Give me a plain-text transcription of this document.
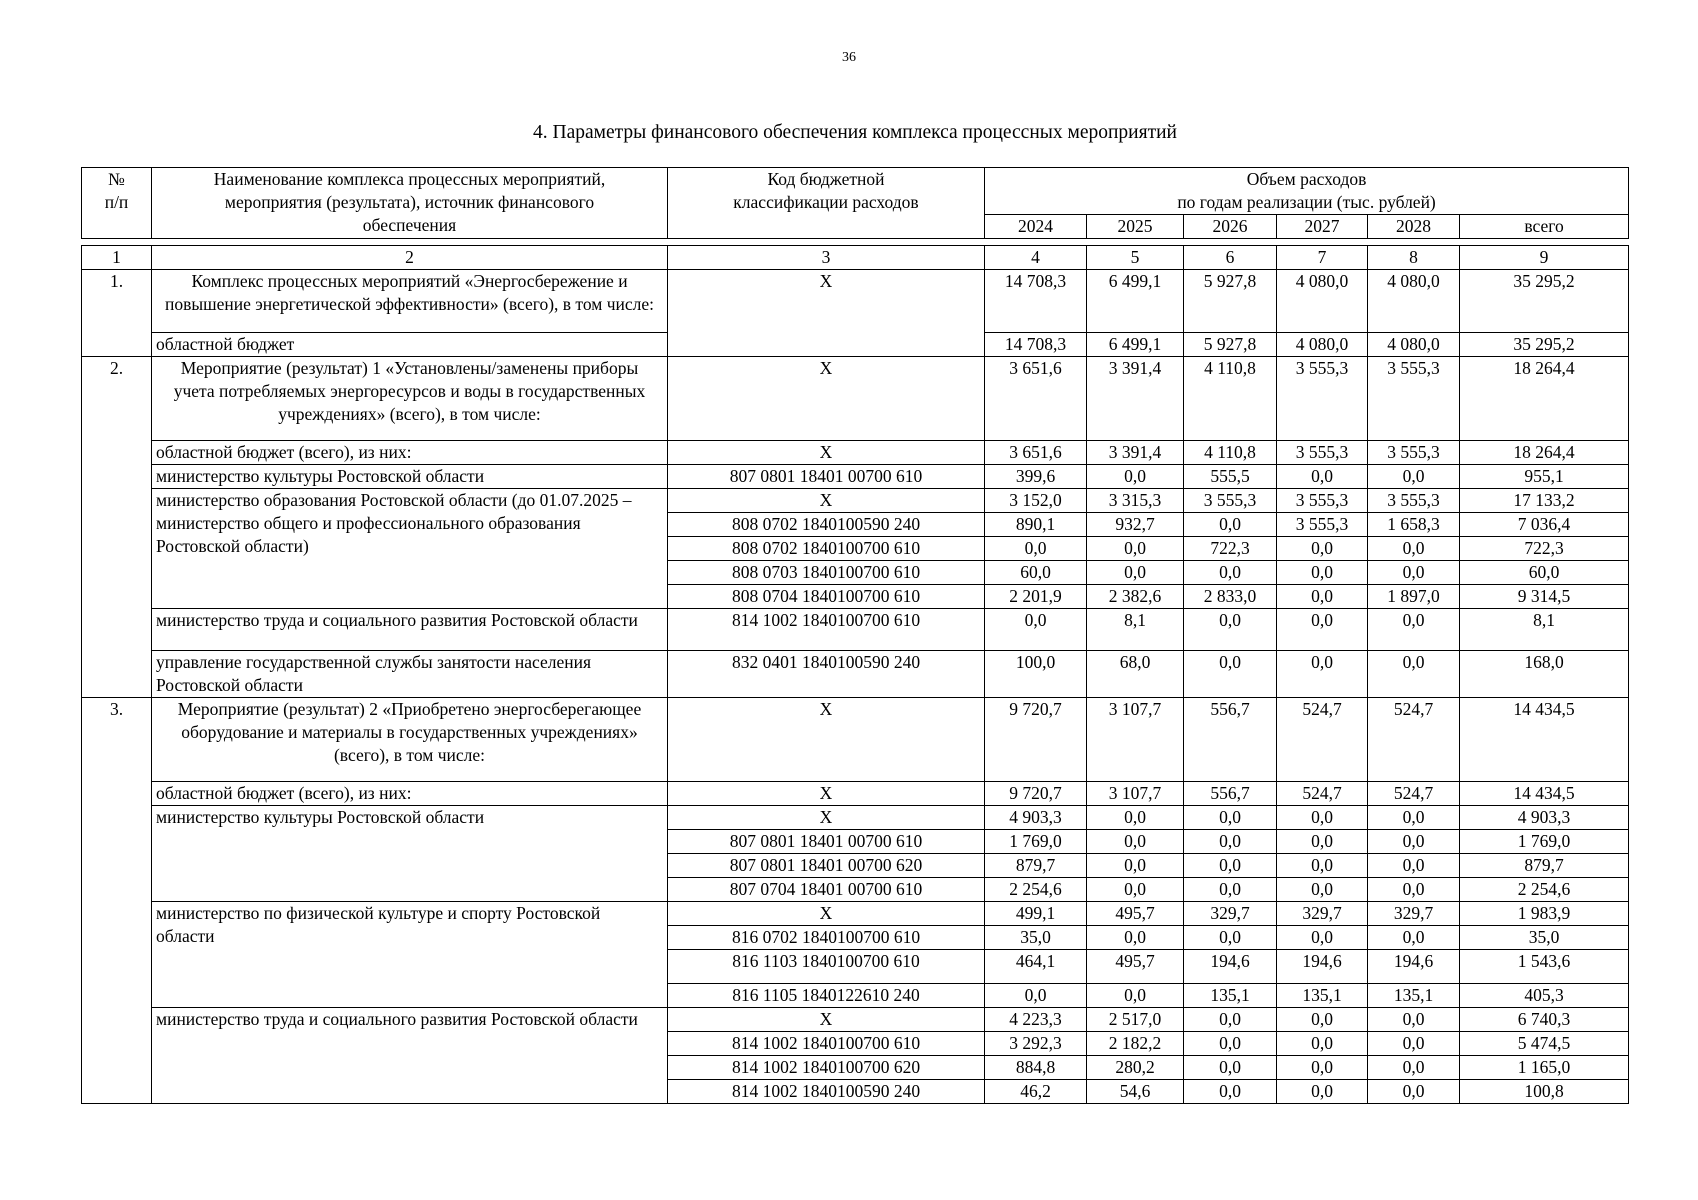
36
4. Параметры финансового обеспечения комплекса процессных мероприятий
№
п/п	Наименование комплекса процессных мероприятий, мероприятия (результата), источник финансового обеспечения	Код бюджетной классификации расходов	Объем расходов
по годам реализации (тыс. рублей)					
			2024	2025	2026	2027	2028	всего
1	2	3	4	5	6	7	8	9
1.	Комплекс процессных мероприятий «Энергосбережение и повышение энергетической эффективности» (всего), в том числе:	X	14 708,3	6 499,1	5 927,8	4 080,0	4 080,0	35 295,2
	областной бюджет		14 708,3	6 499,1	5 927,8	4 080,0	4 080,0	35 295,2
2.	Мероприятие (результат) 1 «Установлены/заменены приборы учета потребляемых энергоресурсов и воды в государственных учреждениях» (всего), в том числе:	X	3 651,6	3 391,4	4 110,8	3 555,3	3 555,3	18 264,4
	областной бюджет (всего), из них:	X	3 651,6	3 391,4	4 110,8	3 555,3	3 555,3	18 264,4
	министерство культуры Ростовской области	807 0801 18401 00700 610	399,6	0,0	555,5	0,0	0,0	955,1
	министерство образования Ростовской области (до 01.07.2025 – министерство общего и профессионального образования Ростовской области)	X	3 152,0	3 315,3	3 555,3	3 555,3	3 555,3	17 133,2
		808 0702 1840100590 240	890,1	932,7	0,0	3 555,3	1 658,3	7 036,4
		808 0702 1840100700 610	0,0	0,0	722,3	0,0	0,0	722,3
		808 0703 1840100700 610	60,0	0,0	0,0	0,0	0,0	60,0
		808 0704 1840100700 610	2 201,9	2 382,6	2 833,0	0,0	1 897,0	9 314,5
	министерство труда и социального развития Ростовской области	814 1002 1840100700 610	0,0	8,1	0,0	0,0	0,0	8,1
	управление государственной службы занятости населения Ростовской области	832 0401 1840100590 240	100,0	68,0	0,0	0,0	0,0	168,0
3.	Мероприятие (результат) 2 «Приобретено энергосберегающее оборудование и материалы в государственных учреждениях» (всего), в том числе:	X	9 720,7	3 107,7	556,7	524,7	524,7	14 434,5
	областной бюджет (всего), из них:	X	9 720,7	3 107,7	556,7	524,7	524,7	14 434,5
	министерство культуры Ростовской области	X	4 903,3	0,0	0,0	0,0	0,0	4 903,3
		807 0801 18401 00700 610	1 769,0	0,0	0,0	0,0	0,0	1 769,0
		807 0801 18401 00700 620	879,7	0,0	0,0	0,0	0,0	879,7
		807 0704 18401 00700 610	2 254,6	0,0	0,0	0,0	0,0	2 254,6
	министерство по физической культуре и спорту Ростовской области	X	499,1	495,7	329,7	329,7	329,7	1 983,9
		816 0702 1840100700 610	35,0	0,0	0,0	0,0	0,0	35,0
		816 1103 1840100700 610	464,1	495,7	194,6	194,6	194,6	1 543,6
		816 1105 1840122610 240	0,0	0,0	135,1	135,1	135,1	405,3
	министерство труда и социального развития Ростовской области	X	4 223,3	2 517,0	0,0	0,0	0,0	6 740,3
		814 1002 1840100700 610	3 292,3	2 182,2	0,0	0,0	0,0	5 474,5
		814 1002 1840100700 620	884,8	280,2	0,0	0,0	0,0	1 165,0
		814 1002 1840100590 240	46,2	54,6	0,0	0,0	0,0	100,8
